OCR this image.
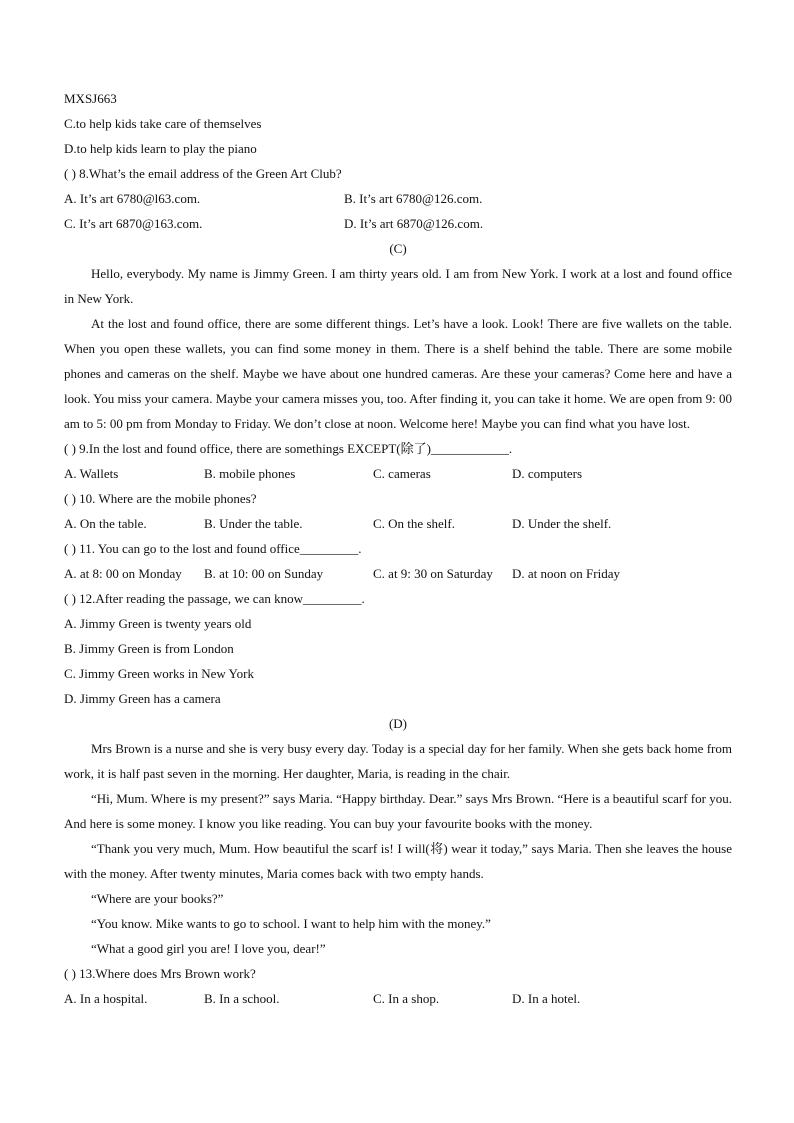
MXSJ663
C.to help kids take care of themselves
D.to help kids learn to play the piano
( ) 8.What’s the email address of the Green Art Club?
A. It’s art 6780@l63.com.	B. It’s art 6780@126.com.
C. It’s art 6870@163.com.	D. It’s art 6870@126.com.
(C)
Hello, everybody. My name is Jimmy Green. I am thirty years old. I am from New York. I work at a lost and found office in New York.
At the lost and found office, there are some different things. Let’s have a look. Look! There are five wallets on the table. When you open these wallets, you can find some money in them. There is a shelf behind the table. There are some mobile phones and cameras on the shelf. Maybe we have about one hundred cameras. Are these your cameras? Come here and have a look. You miss your camera. Maybe your camera misses you, too. After finding it, you can take it home. We are open from 9: 00 am to 5: 00 pm from Monday to Friday. We don’t close at noon. Welcome here! Maybe you can find what you have lost.
( ) 9.In the lost and found office, there are somethings EXCEPT(除了)____________.
A. Wallets	B. mobile phones	C. cameras	D. computers
( ) 10. Where are the mobile phones?
A. On the table.	B. Under the table.	C. On the shelf.	D. Under the shelf.
( ) 11. You can go to the lost and found office_________.
A. at 8: 00 on Monday	B. at 10: 00 on Sunday	C. at 9: 30 on Saturday	D. at noon on Friday
( ) 12.After reading the passage, we can know_________.
A. Jimmy Green is twenty years old
B. Jimmy Green is from London
C. Jimmy Green works in New York
D. Jimmy Green has a camera
(D)
Mrs Brown is a nurse and she is very busy every day. Today is a special day for her family. When she gets back home from work, it is half past seven in the morning. Her daughter, Maria, is reading in the chair.
“Hi, Mum. Where is my present?” says Maria. “Happy birthday. Dear.” says Mrs Brown. “Here is a beautiful scarf for you. And here is some money. I know you like reading. You can buy your favourite books with the money.
“Thank you very much, Mum. How beautiful the scarf is! I will(将) wear it today,” says Maria. Then she leaves the house with the money. After twenty minutes, Maria comes back with two empty hands.
“Where are your books?”
“You know. Mike wants to go to school. I want to help him with the money.”
“What a good girl you are! I love you, dear!”
( ) 13.Where does Mrs Brown work?
A. In a hospital.	B. In a school.	C. In a shop.	D. In a hotel.
